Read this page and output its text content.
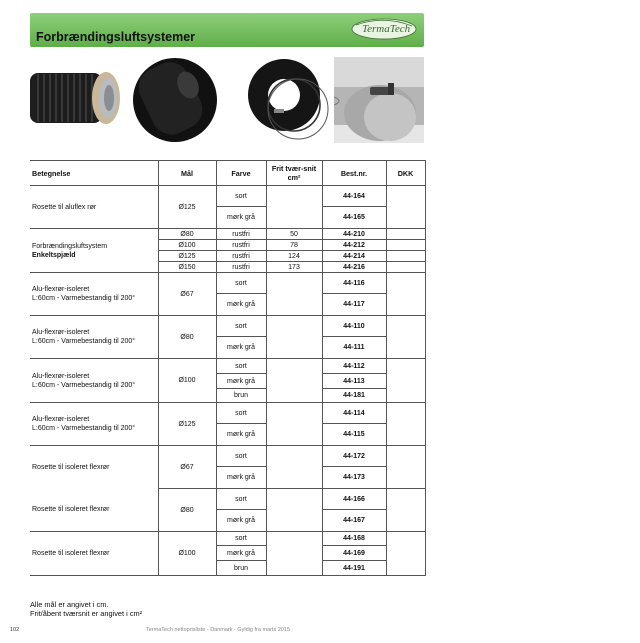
Forbrændingsluftsystemer
TermaTech
Betegnelse	Mål	Farve	Frit tvær-snit cm²	Best.nr.	DKK
Rosette til aluflex rør	Ø125	sort		44-164	
		mørk grå		44-165	
Forbrændingsluftsystem
Enkeltspjæld	Ø80	rustfri	50	44-210	
	Ø100	rustfri	78	44-212	
	Ø125	rustfri	124	44-214	
	Ø150	rustfri	173	44-216	
Alu-flexrør-isoleret
L:60cm - Varmebestandig til 200°	Ø67	sort		44-116	
		mørk grå		44-117	
Alu-flexrør-isoleret
L:60cm - Varmebestandig til 200°	Ø80	sort		44-110	
		mørk grå		44-111	
Alu-flexrør-isoleret
L:60cm - Varmebestandig til 200°	Ø100	sort		44-112	
		mørk grå		44-113	
		brun		44-181	
Alu-flexrør-isoleret
L:60cm - Varmebestandig til 200°	Ø125	sort		44-114	
		mørk grå		44-115	
Rosette til isoleret flexrør	Ø67	sort		44-172	
		mørk grå		44-173	
Rosette til isoleret flexrør	Ø80	sort		44-166	
		mørk grå		44-167	
Rosette til isoleret flexrør	Ø100	sort		44-168	
		mørk grå		44-169	
		brun		44-191	
Alle mål er angivet i cm.
Frit/åbent tværsnit er angivet i cm²
102	TermaTech nettoprisliste - Danmark - Gyldig fra marts 2015
